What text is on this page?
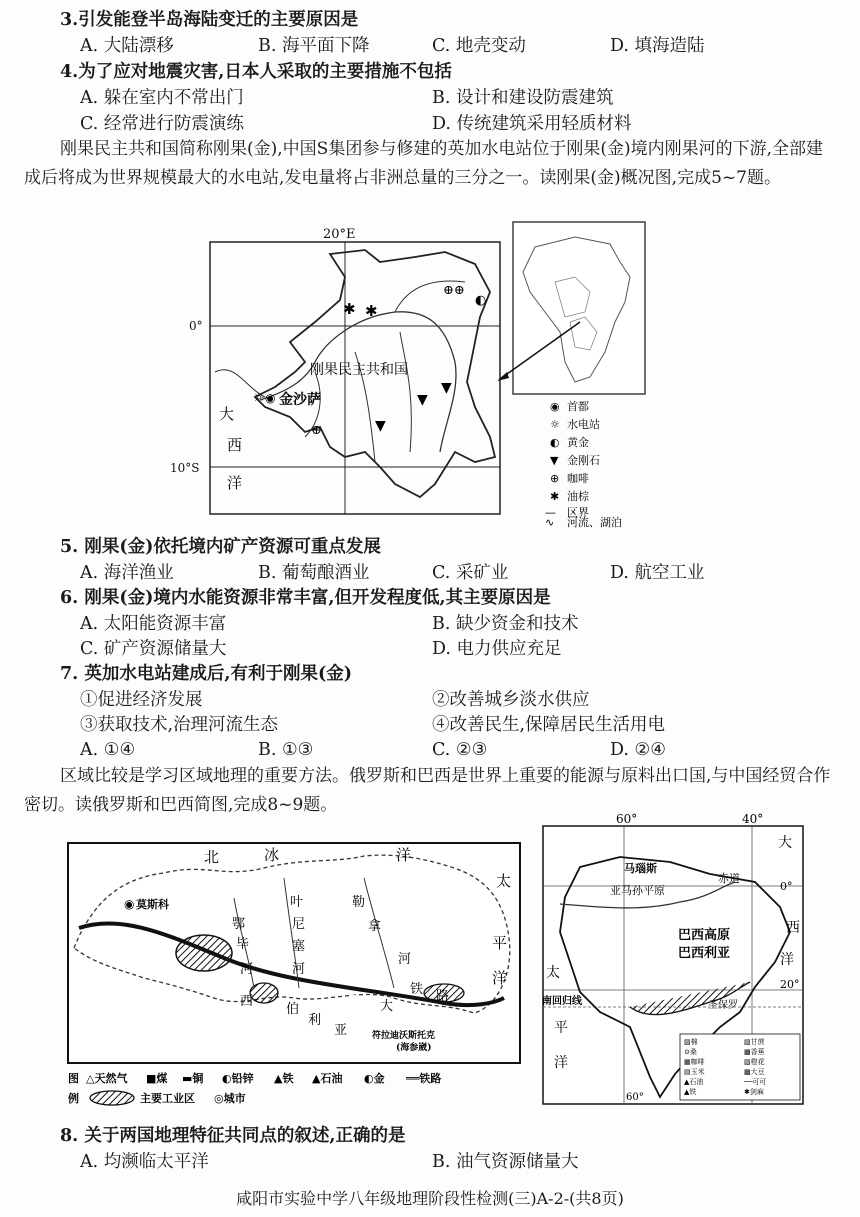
3.引发能登半岛海陆变迁的主要原因是
A. 大陆漂移	B. 海平面下降	C. 地壳变动	D. 填海造陆
4.为了应对地震灾害,日本人采取的主要措施不包括
A. 躲在室内不常出门	B. 设计和建设防震建筑
C. 经常进行防震演练	D. 传统建筑采用轻质材料
刚果民主共和国简称刚果(金),中国S集团参与修建的英加水电站位于刚果(金)境内刚果河的下游,全部建成后将成为世界规模最大的水电站,发电量将占非洲总量的三分之一。读刚果(金)概况图,完成5~7题。
20°E
0°
10°S
✱ ✱
⊕⊕
◐
▼
▼
▼
⊕
☼ ◉ 金沙萨
刚果民主共和国
大
西
洋
◉ 首都
☼ 水电站
◐ 黄金
▼ 金刚石
⊕ 咖啡
✱ 油棕
— 区界
∿ 河流、湖泊
5. 刚果(金)依托境内矿产资源可重点发展
A. 海洋渔业	B. 葡萄酿酒业	C. 采矿业	D. 航空工业
6. 刚果(金)境内水能资源非常丰富,但开发程度低,其主要原因是
A. 太阳能资源丰富	B. 缺少资金和技术
C. 矿产资源储量大	D. 电力供应充足
7. 英加水电站建成后,有利于刚果(金)
①促进经济发展	②改善城乡淡水供应
③获取技术,治理河流生态	④改善民生,保障居民生活用电
A. ①④	B. ①③	C. ②③	D. ②④
区域比较是学习区域地理的重要方法。俄罗斯和巴西是世界上重要的能源与原料出口国,与中国经贸合作密切。读俄罗斯和巴西简图,完成8~9题。
◉ 莫斯科
北	冰	洋
太
平
洋
鄂
毕
河
叶
尼
塞
河
勒
拿
河
西
伯
利
亚
大
铁 路
符拉迪沃斯托克
(海参崴)
图
例
△天然气 ■煤 ▬铜 ◐铅锌 ▲铁 ▲石油 ◐金 ══铁路
主要工业区 ◎城市
60°	40°
赤道
0°
20°
60°
马瑙斯
亚马孙平原
巴西高原
巴西利亚
圣保罗
南回归线
大
西
洋
太
平
洋
▨棉
⊙桑
▦咖啡
▤玉米
▲石油
▲铁
▨甘蔗
▩香蕉
▨橙花
▩大豆
──可可
✱剑麻
8. 关于两国地理特征共同点的叙述,正确的是
A. 均濒临太平洋	B. 油气资源储量大
咸阳市实验中学八年级地理阶段性检测(三)A-2-(共8页)
